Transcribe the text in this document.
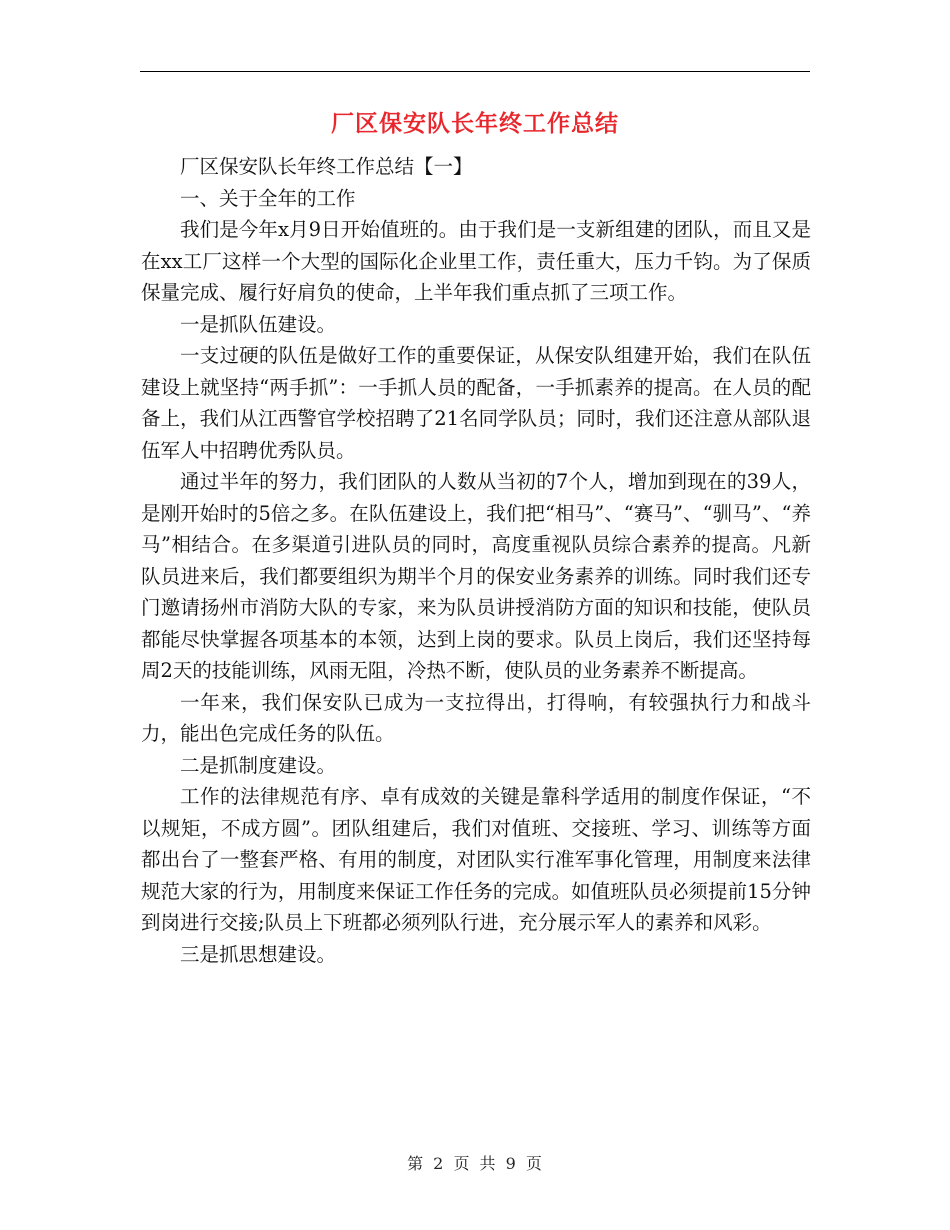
厂区保安队长年终工作总结

厂区保安队长年终工作总结【一】

一、关于全年的工作

我们是今年x月9日开始值班的。由于我们是一支新组建的团队，而且又是在xx工厂这样一个大型的国际化企业里工作，责任重大，压力千钧。为了保质保量完成、履行好肩负的使命，上半年我们重点抓了三项工作。

一是抓队伍建设。

一支过硬的队伍是做好工作的重要保证，从保安队组建开始，我们在队伍建设上就坚持“两手抓”：一手抓人员的配备，一手抓素养的提高。在人员的配备上，我们从江西警官学校招聘了21名同学队员；同时，我们还注意从部队退伍军人中招聘优秀队员。

通过半年的努力，我们团队的人数从当初的7个人，增加到现在的39人，是刚开始时的5倍之多。在队伍建设上，我们把“相马”、“赛马”、“驯马”、“养马”相结合。在多渠道引进队员的同时，高度重视队员综合素养的提高。凡新队员进来后，我们都要组织为期半个月的保安业务素养的训练。同时我们还专门邀请扬州市消防大队的专家，来为队员讲授消防方面的知识和技能，使队员都能尽快掌握各项基本的本领，达到上岗的要求。队员上岗后，我们还坚持每周2天的技能训练，风雨无阻，冷热不断，使队员的业务素养不断提高。

一年来，我们保安队已成为一支拉得出，打得响，有较强执行力和战斗力，能出色完成任务的队伍。

二是抓制度建设。

工作的法律规范有序、卓有成效的关键是靠科学适用的制度作保证，“不以规矩，不成方圆”。团队组建后，我们对值班、交接班、学习、训练等方面都出台了一整套严格、有用的制度，对团队实行准军事化管理，用制度来法律规范大家的行为，用制度来保证工作任务的完成。如值班队员必须提前15分钟到岗进行交接;队员上下班都必须列队行进，充分展示军人的素养和风彩。

三是抓思想建设。

第 2 页 共 9 页
